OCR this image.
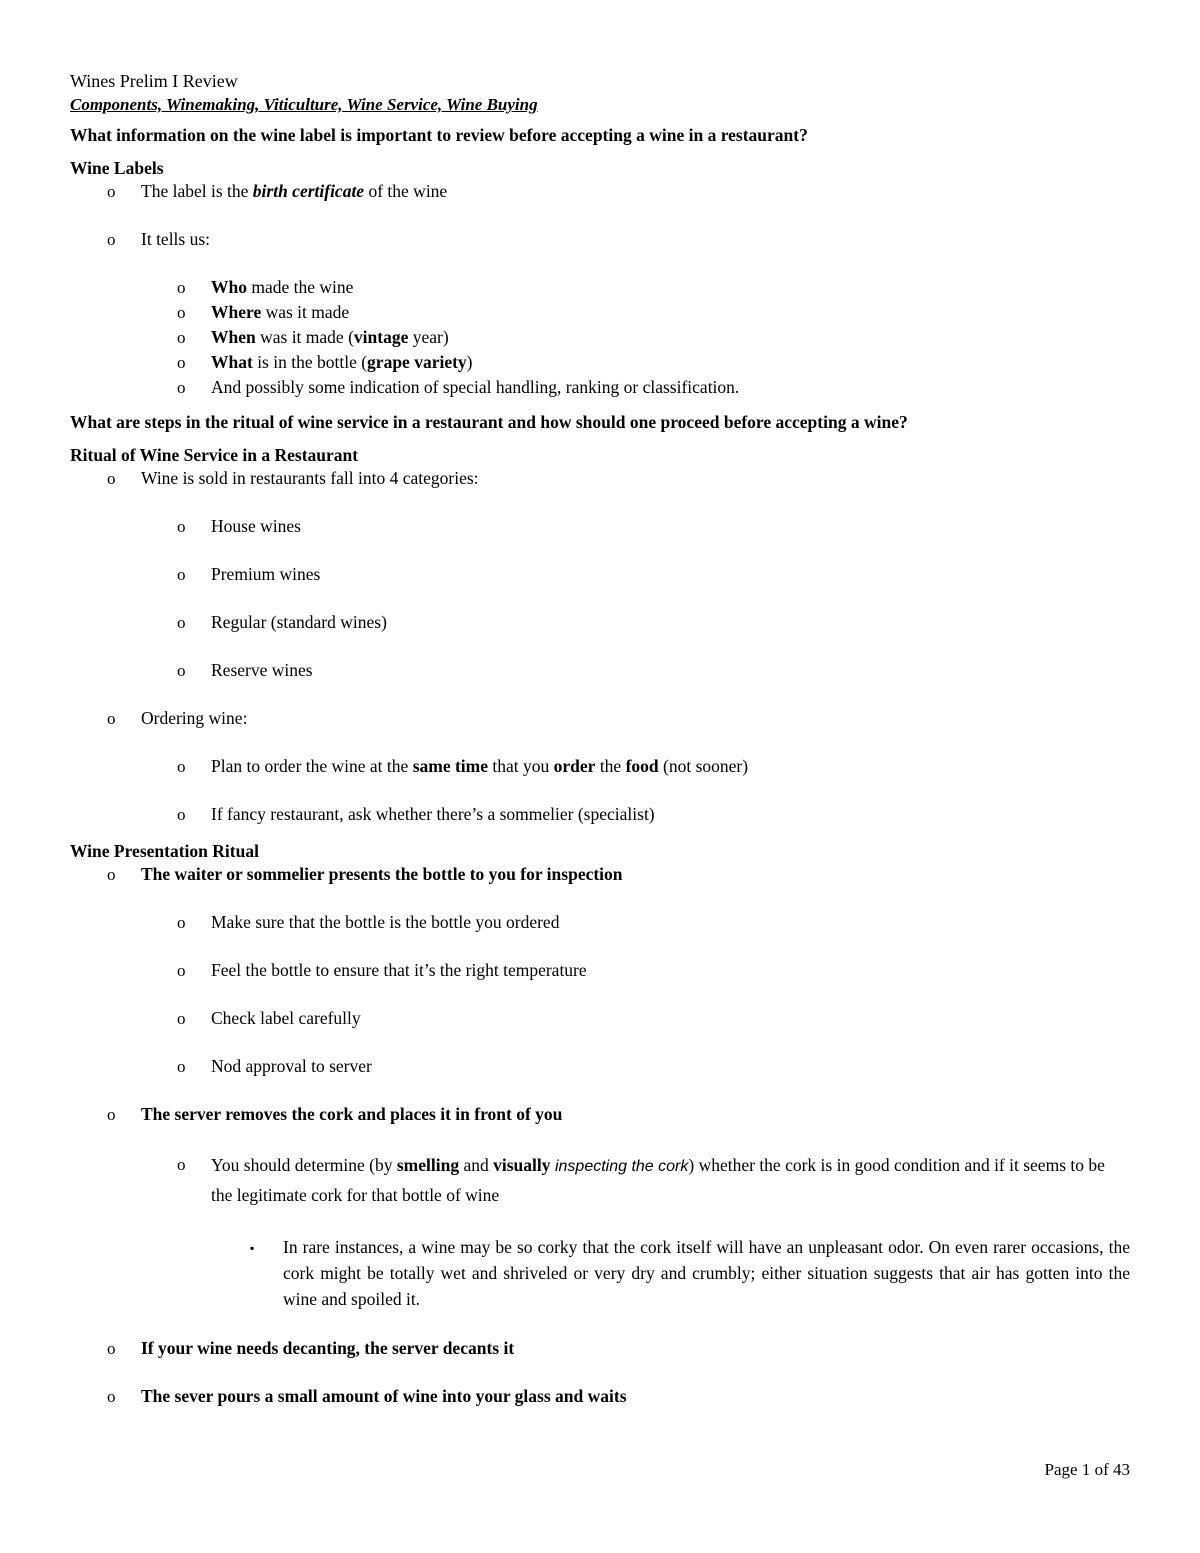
Wines Prelim I Review
Components, Winemaking, Viticulture, Wine Service, Wine Buying
What information on the wine label is important to review before accepting a wine in a restaurant?
Wine Labels
o The label is the birth certificate of the wine
o It tells us:
o Who made the wine
o Where was it made
o When was it made (vintage year)
o What is in the bottle (grape variety)
o And possibly some indication of special handling, ranking or classification.
What are steps in the ritual of wine service in a restaurant and how should one proceed before accepting a wine?
Ritual of Wine Service in a Restaurant
o Wine is sold in restaurants fall into 4 categories:
o House wines
o Premium wines
o Regular (standard wines)
o Reserve wines
o Ordering wine:
o Plan to order the wine at the same time that you order the food (not sooner)
o If fancy restaurant, ask whether there’s a sommelier (specialist)
Wine Presentation Ritual
o The waiter or sommelier presents the bottle to you for inspection
o Make sure that the bottle is the bottle you ordered
o Feel the bottle to ensure that it’s the right temperature
o Check label carefully
o Nod approval to server
o The server removes the cork and places it in front of you
o You should determine (by smelling and visually inspecting the cork) whether the cork is in good condition and if it seems to be the legitimate cork for that bottle of wine
▪ In rare instances, a wine may be so corky that the cork itself will have an unpleasant odor. On even rarer occasions, the cork might be totally wet and shriveled or very dry and crumbly; either situation suggests that air has gotten into the wine and spoiled it.
o If your wine needs decanting, the server decants it
o The sever pours a small amount of wine into your glass and waits
Page 1 of 43
